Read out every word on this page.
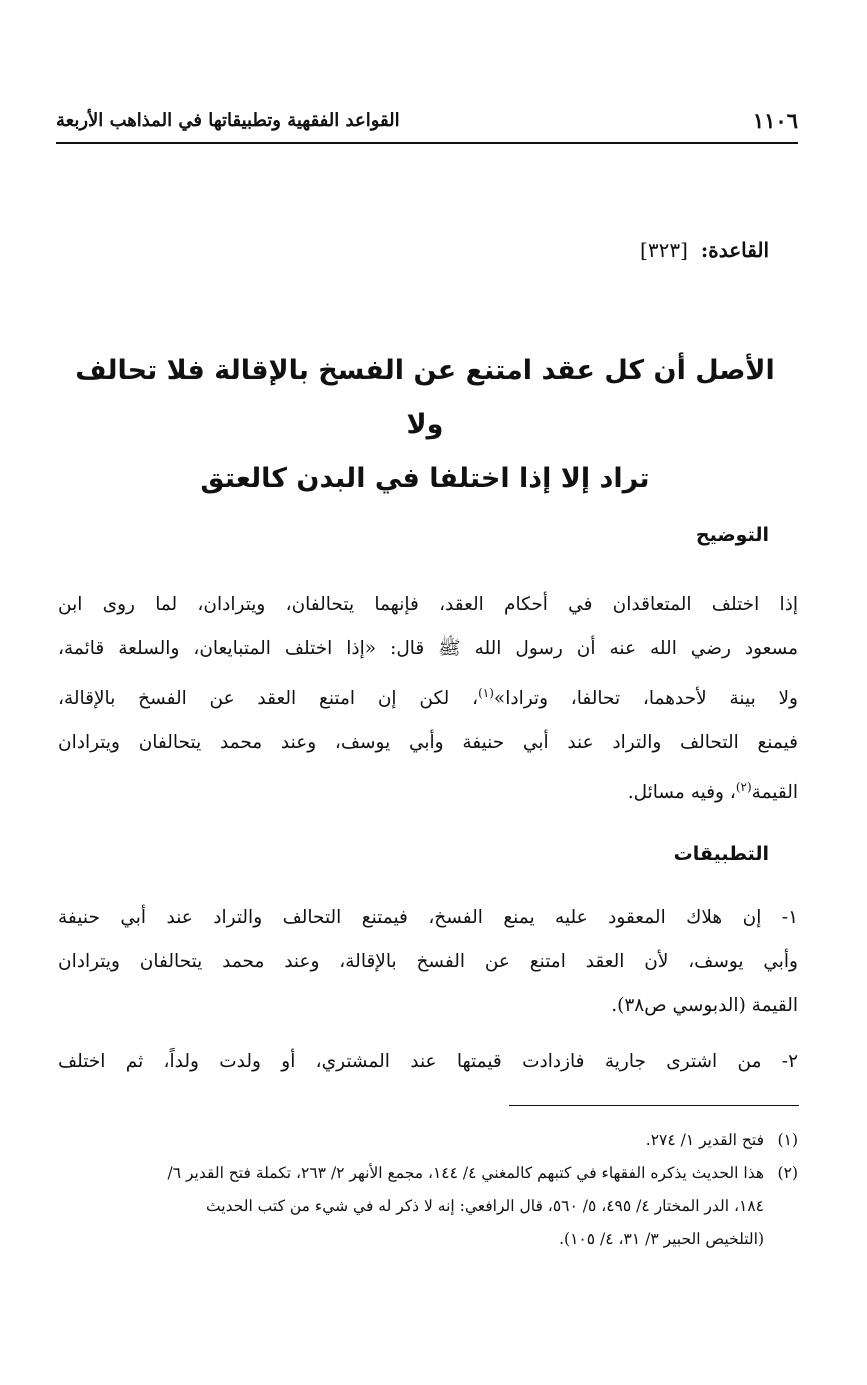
١١٠٦
القواعد الفقهية وتطبيقاتها في المذاهب الأربعة
القاعدة: [٣٢٣]
الأصل أن كل عقد امتنع عن الفسخ بالإقالة فلا تحالف ولا
تراد إلا إذا اختلفا في البدن كالعتق
التوضيح
إذا اختلف المتعاقدان في أحكام العقد، فإنهما يتحالفان، ويترادان، لما روى ابن
مسعود رضي الله عنه أن رسول الله ﷺ قال: «إذا اختلف المتبايعان، والسلعة قائمة،
ولا بينة لأحدهما، تحالفا، وترادا»$^{(١)}$، لكن إن امتنع العقد عن الفسخ بالإقالة،
فيمنع التحالف والتراد عند أبي حنيفة وأبي يوسف، وعند محمد يتحالفان ويترادان
القيمة$^{(٢)}$، وفيه مسائل.
التطبيقات
١- إن هلاك المعقود عليه يمنع الفسخ، فيمتنع التحالف والتراد عند أبي حنيفة
وأبي يوسف، لأن العقد امتنع عن الفسخ بالإقالة، وعند محمد يتحالفان ويترادان
القيمة (الدبوسي ص٣٨).
٢- من اشترى جارية فازدادت قيمتها عند المشتري، أو ولدت ولداً، ثم اختلف
(١)فتح القدير ١/ ٢٧٤.
(٢)هذا الحديث يذكره الفقهاء في كتبهم كالمغني ٤/ ١٤٤، مجمع الأنهر ٢/ ٢٦٣، تكملة فتح القدير ٦/
١٨٤، الدر المختار ٤/ ٤٩٥، ٥/ ٥٦٠، قال الرافعي: إنه لا ذكر له في شيء من كتب الحديث
(التلخيص الحبير ٣/ ٣١، ٤/ ١٠٥).
